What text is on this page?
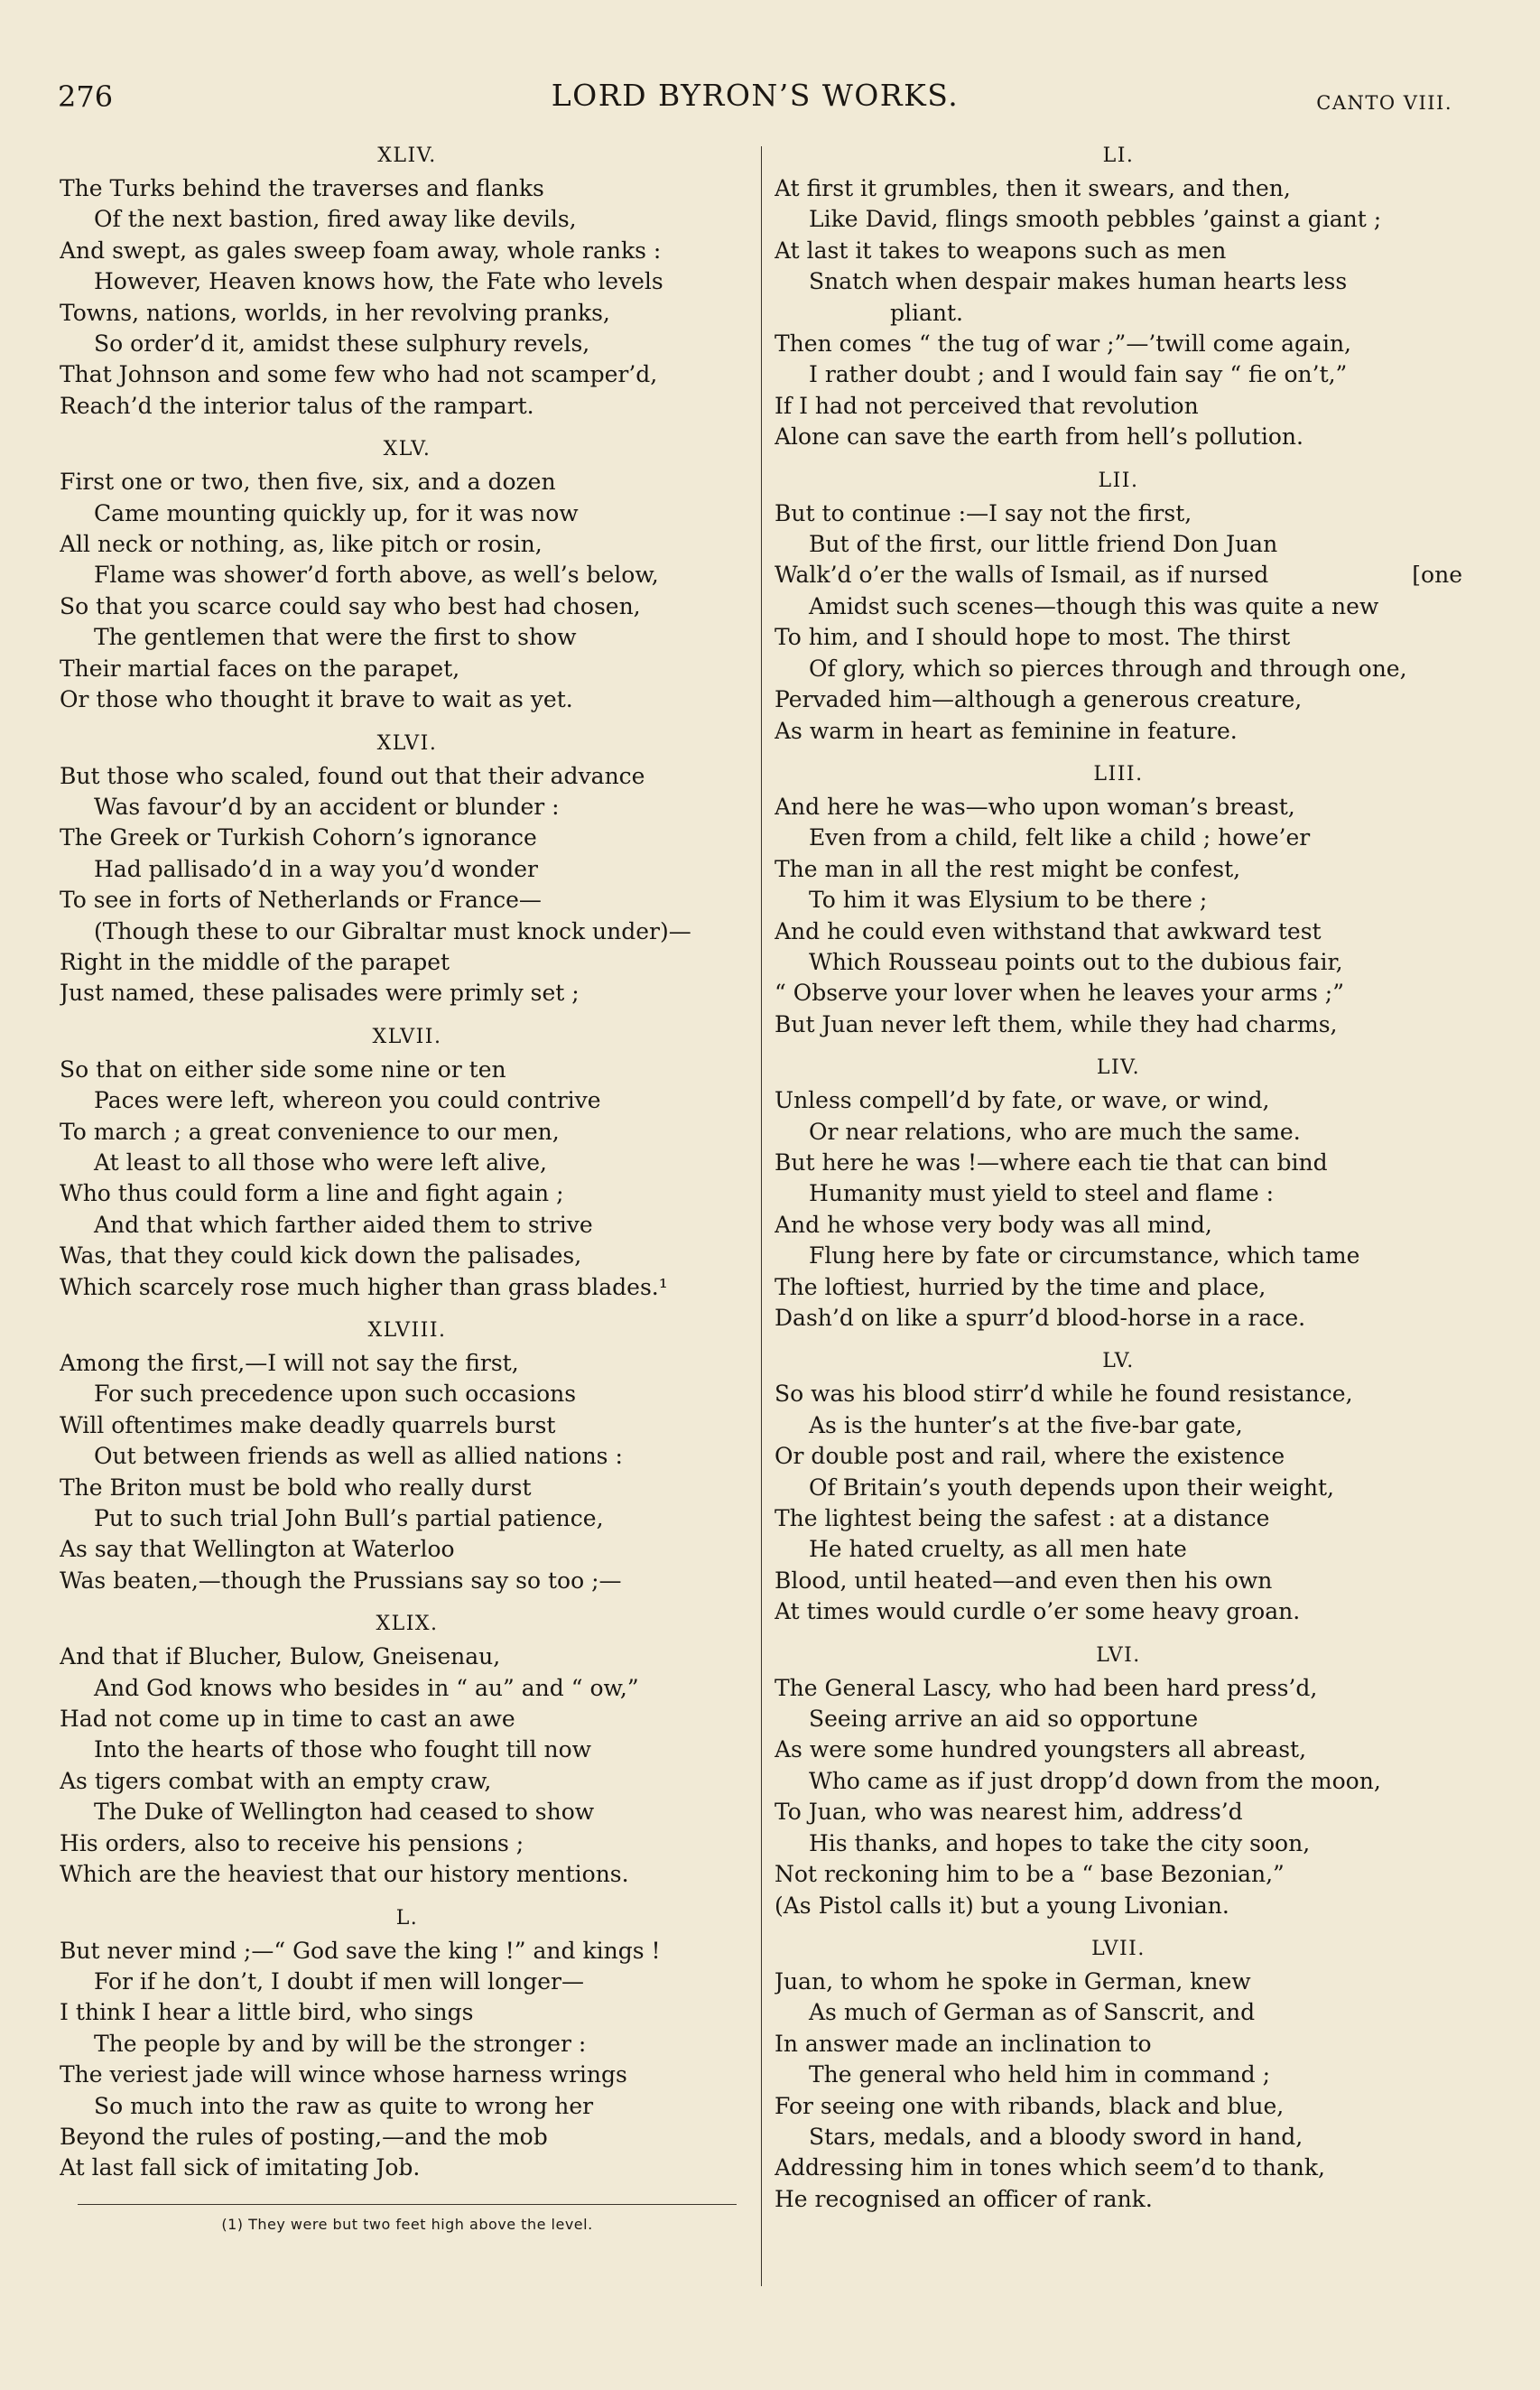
276	LORD BYRON’S WORKS.	CANTO VIII.
XLIV.
The Turks behind the traverses and flanks
Of the next bastion, fired away like devils,
And swept, as gales sweep foam away, whole ranks :
However, Heaven knows how, the Fate who levels
Towns, nations, worlds, in her revolving pranks,
So order’d it, amidst these sulphury revels,
That Johnson and some few who had not scamper’d,
Reach’d the interior talus of the rampart.
XLV.
First one or two, then five, six, and a dozen
Came mounting quickly up, for it was now
All neck or nothing, as, like pitch or rosin,
Flame was shower’d forth above, as well’s below,
So that you scarce could say who best had chosen,
The gentlemen that were the first to show
Their martial faces on the parapet,
Or those who thought it brave to wait as yet.
XLVI.
But those who scaled, found out that their advance
Was favour’d by an accident or blunder :
The Greek or Turkish Cohorn’s ignorance
Had pallisado’d in a way you’d wonder
To see in forts of Netherlands or France—
(Though these to our Gibraltar must knock under)—
Right in the middle of the parapet
Just named, these palisades were primly set ;
XLVII.
So that on either side some nine or ten
Paces were left, whereon you could contrive
To march ; a great convenience to our men,
At least to all those who were left alive,
Who thus could form a line and fight again ;
And that which farther aided them to strive
Was, that they could kick down the palisades,
Which scarcely rose much higher than grass blades.¹
XLVIII.
Among the first,—I will not say the first,
For such precedence upon such occasions
Will oftentimes make deadly quarrels burst
Out between friends as well as allied nations :
The Briton must be bold who really durst
Put to such trial John Bull’s partial patience,
As say that Wellington at Waterloo
Was beaten,—though the Prussians say so too ;—
XLIX.
And that if Blucher, Bulow, Gneisenau,
And God knows who besides in “ au” and “ ow,”
Had not come up in time to cast an awe
Into the hearts of those who fought till now
As tigers combat with an empty craw,
The Duke of Wellington had ceased to show
His orders, also to receive his pensions ;
Which are the heaviest that our history mentions.
L.
But never mind ;—“ God save the king !” and kings !
For if he don’t, I doubt if men will longer—
I think I hear a little bird, who sings
The people by and by will be the stronger :
The veriest jade will wince whose harness wrings
So much into the raw as quite to wrong her
Beyond the rules of posting,—and the mob
At last fall sick of imitating Job.
(1) They were but two feet high above the level.
LI.
At first it grumbles, then it swears, and then,
Like David, flings smooth pebbles ’gainst a giant ;
At last it takes to weapons such as men
Snatch when despair makes human hearts less
pliant.
Then comes “ the tug of war ;”—’twill come again,
I rather doubt ; and I would fain say “ fie on’t,”
If I had not perceived that revolution
Alone can save the earth from hell’s pollution.
LII.
But to continue :—I say not the first,
But of the first, our little friend Don Juan
Walk’d o’er the walls of Ismail, as if nursed	[one
Amidst such scenes—though this was quite a new
To him, and I should hope to most. The thirst
Of glory, which so pierces through and through one,
Pervaded him—although a generous creature,
As warm in heart as feminine in feature.
LIII.
And here he was—who upon woman’s breast,
Even from a child, felt like a child ; howe’er
The man in all the rest might be confest,
To him it was Elysium to be there ;
And he could even withstand that awkward test
Which Rousseau points out to the dubious fair,
“ Observe your lover when he leaves your arms ;”
But Juan never left them, while they had charms,
LIV.
Unless compell’d by fate, or wave, or wind,
Or near relations, who are much the same.
But here he was !—where each tie that can bind
Humanity must yield to steel and flame :
And he whose very body was all mind,
Flung here by fate or circumstance, which tame
The loftiest, hurried by the time and place,
Dash’d on like a spurr’d blood-horse in a race.
LV.
So was his blood stirr’d while he found resistance,
As is the hunter’s at the five-bar gate,
Or double post and rail, where the existence
Of Britain’s youth depends upon their weight,
The lightest being the safest : at a distance
He hated cruelty, as all men hate
Blood, until heated—and even then his own
At times would curdle o’er some heavy groan.
LVI.
The General Lascy, who had been hard press’d,
Seeing arrive an aid so opportune
As were some hundred youngsters all abreast,
Who came as if just dropp’d down from the moon,
To Juan, who was nearest him, address’d
His thanks, and hopes to take the city soon,
Not reckoning him to be a “ base Bezonian,”
(As Pistol calls it) but a young Livonian.
LVII.
Juan, to whom he spoke in German, knew
As much of German as of Sanscrit, and
In answer made an inclination to
The general who held him in command ;
For seeing one with ribands, black and blue,
Stars, medals, and a bloody sword in hand,
Addressing him in tones which seem’d to thank,
He recognised an officer of rank.
